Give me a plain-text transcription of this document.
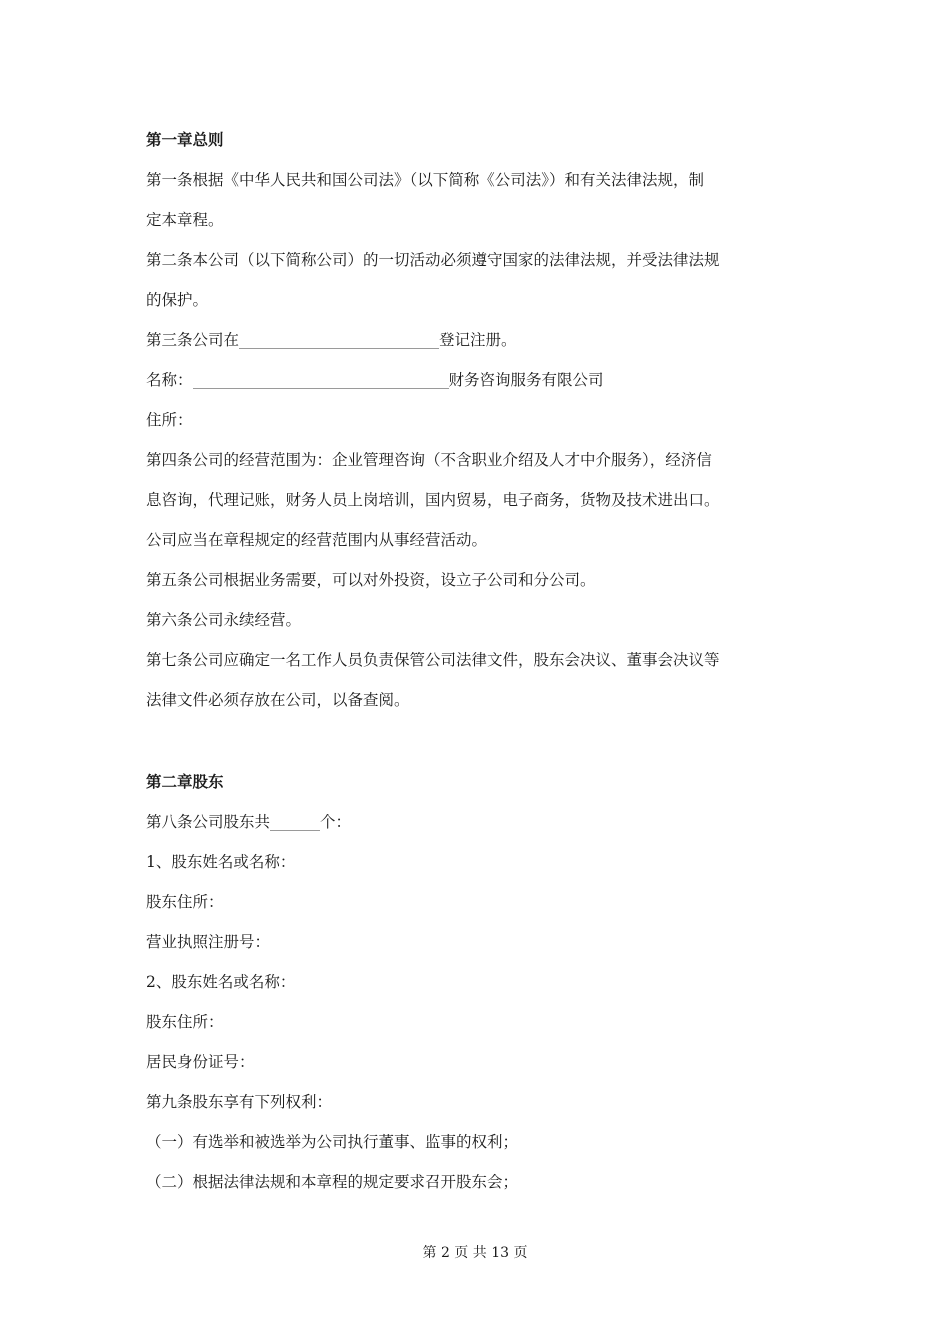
第一章总则
第一条根据《中华人民共和国公司法》（以下简称《公司法》）和有关法律法规，制
定本章程。
第二条本公司（以下简称公司）的一切活动必须遵守国家的法律法规，并受法律法规
的保护。
第三条公司在	登记注册。
名称：	财务咨询服务有限公司
住所：
第四条公司的经营范围为：企业管理咨询（不含职业介绍及人才中介服务），经济信
息咨询，代理记账，财务人员上岗培训，国内贸易，电子商务，货物及技术进出口。
公司应当在章程规定的经营范围内从事经营活动。
第五条公司根据业务需要，可以对外投资，设立子公司和分公司。
第六条公司永续经营。
第七条公司应确定一名工作人员负责保管公司法律文件，股东会决议、董事会决议等
法律文件必须存放在公司，以备查阅。
第二章股东
第八条公司股东共	个：
1、股东姓名或名称：
股东住所：
营业执照注册号：
2、股东姓名或名称：
股东住所：
居民身份证号：
第九条股东享有下列权利：
（一）有选举和被选举为公司执行董事、监事的权利；
（二）根据法律法规和本章程的规定要求召开股东会；
第 2 页 共 13 页
